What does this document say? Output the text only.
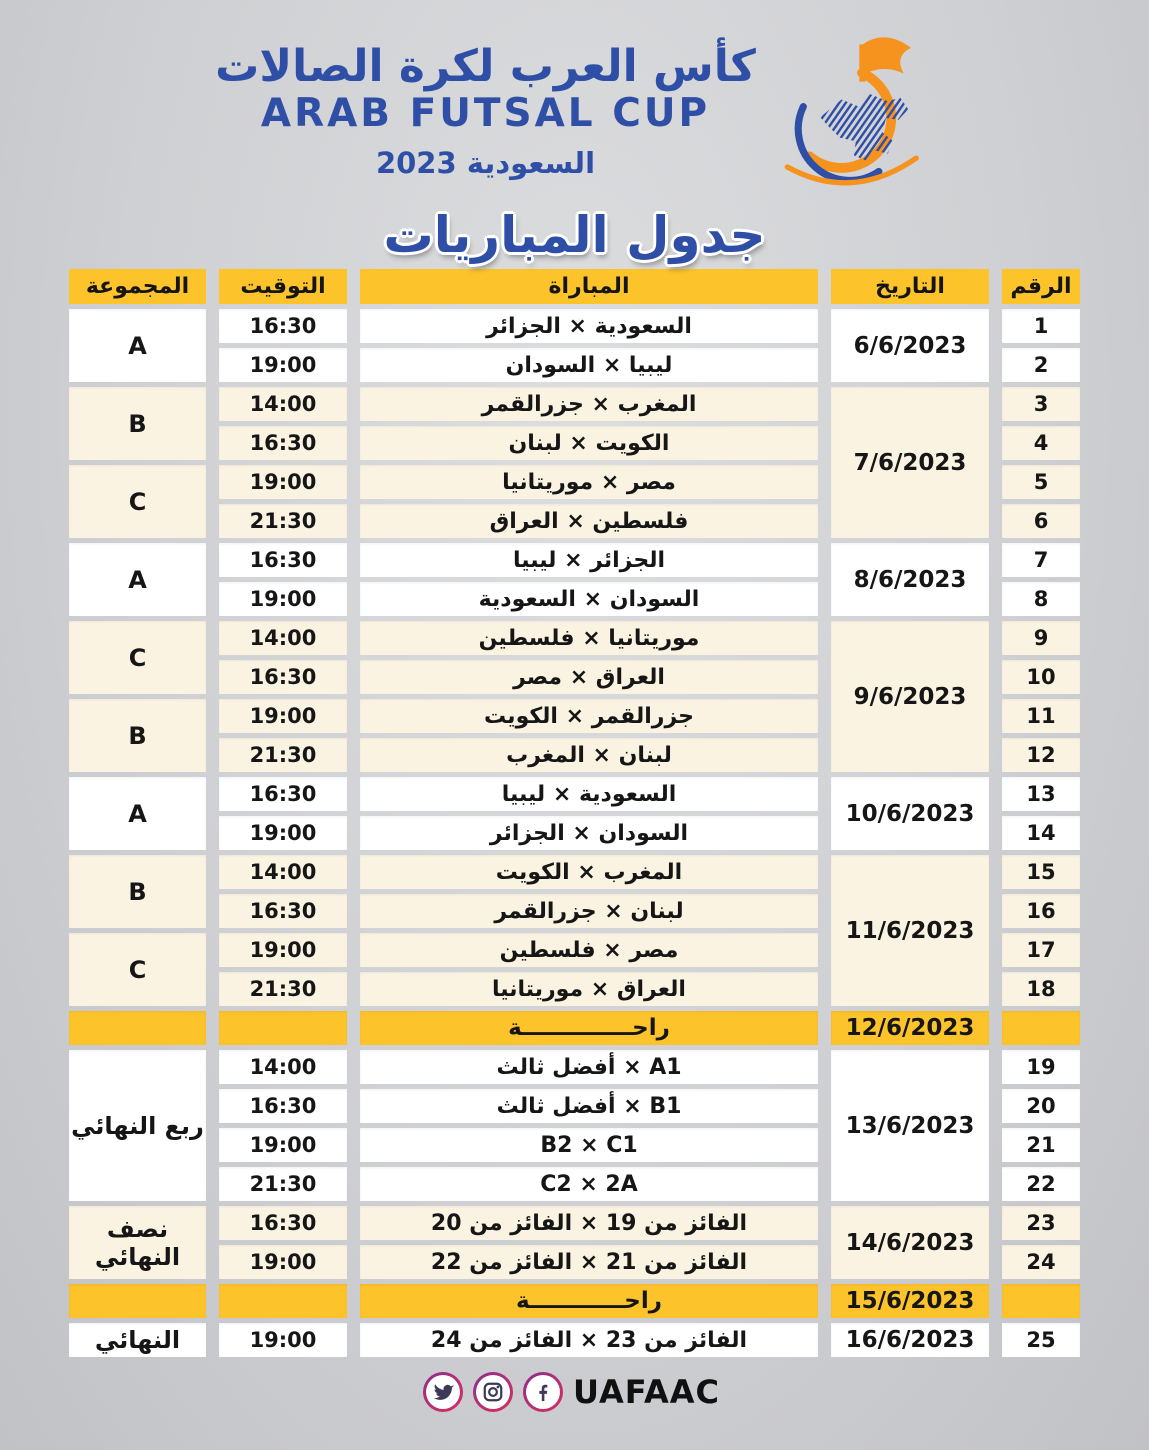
كأس العرب لكرة الصالات
ARAB FUTSAL CUP
السعودية 2023
جدول المباريات
الرقم	التاريخ	المباراة	التوقيت	المجموعة
1	6/6/2023	السعودية × الجزائر	16:30	A
2		ليبيا × السودان	19:00	
3	7/6/2023	المغرب × جزرالقمر	14:00	B
4		الكويت × لبنان	16:30	
5		مصر × موريتانيا	19:00	C
6		فلسطين × العراق	21:30	
7	8/6/2023	الجزائر × ليبيا	16:30	A
8		السودان × السعودية	19:00	
9	9/6/2023	موريتانيا × فلسطين	14:00	C
10		العراق × مصر	16:30	
11		جزرالقمر × الكويت	19:00	B
12		لبنان × المغرب	21:30	
13	10/6/2023	السعودية × ليبيا	16:30	A
14		السودان × الجزائر	19:00	
15	11/6/2023	المغرب × الكويت	14:00	B
16		لبنان × جزرالقمر	16:30	
17		مصر × فلسطين	19:00	C
18		العراق × موريتانيا	21:30	
	12/6/2023	راحــــــــــــــة		
19	13/6/2023	A1 × أفضل ثالث	14:00	ربع النهائي
20		B1 × أفضل ثالث	16:30	
21		B2 × C1	19:00	
22		C2 × 2A	21:30	
23	14/6/2023	الفائز من 19 × الفائز من 20	16:30	نصف النهائي
24		الفائز من 21 × الفائز من 22	19:00	
	15/6/2023	راحــــــــــــة		
25	16/6/2023	الفائز من 23 × الفائز من 24	19:00	النهائي
UAFAAC
